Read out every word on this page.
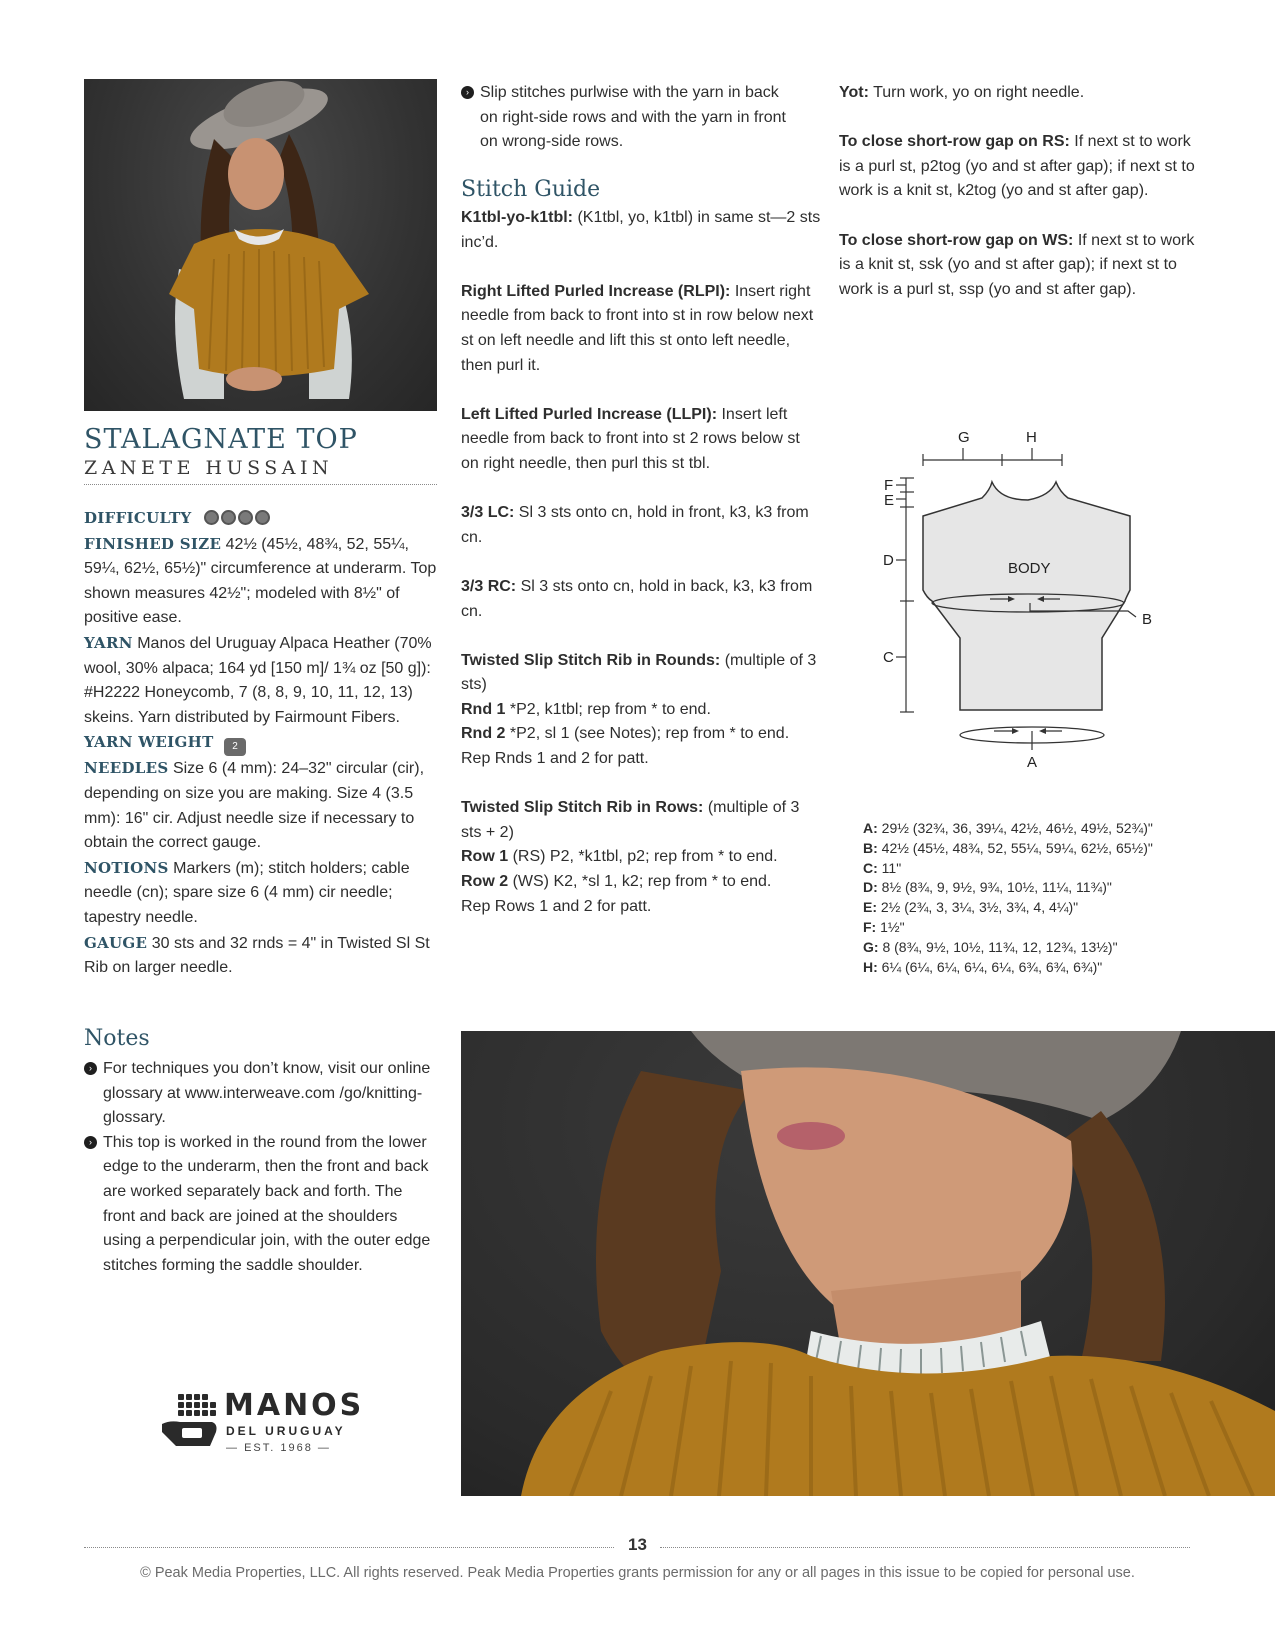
STALAGNATE TOP
ZANETE HUSSAIN

DIFFICULTY

FINISHED SIZE 42½ (45½, 48¾, 52, 55¼, 59¼, 62½, 65½)" circumference at underarm. Top shown measures 42½"; modeled with 8½" of positive ease.

YARN Manos del Uruguay Alpaca Heather (70% wool, 30% alpaca; 164 yd [150 m]/ 1¾ oz [50 g]): #H2222 Honeycomb, 7 (8, 8, 9, 10, 11, 12, 13) skeins. Yarn distributed by Fairmount Fibers.

YARN WEIGHT 2

NEEDLES Size 6 (4 mm): 24–32" circular (cir), depending on size you are making. Size 4 (3.5 mm): 16" cir. Adjust needle size if necessary to obtain the correct gauge.

NOTIONS Markers (m); stitch holders; cable needle (cn); spare size 6 (4 mm) cir needle; tapestry needle.

GAUGE 30 sts and 32 rnds = 4" in Twisted Sl St Rib on larger needle.

Notes
› For techniques you don’t know, visit our online glossary at www.interweave.com /go/knitting-glossary.
› This top is worked in the round from the lower edge to the underarm, then the front and back are worked separately back and forth. The front and back are joined at the shoulders using a perpendicular join, with the outer edge stitches forming the saddle shoulder.
MANOS
DEL URUGUAY
— EST. 1968 —
› Slip stitches purlwise with the yarn in back on right-side rows and with the yarn in front on wrong-side rows.
Stitch Guide

K1tbl-yo-k1tbl: (K1tbl, yo, k1tbl) in same st—2 sts inc’d.

Right Lifted Purled Increase (RLPI): Insert right needle from back to front into st in row below next st on left needle and lift this st onto left needle, then purl it.

Left Lifted Purled Increase (LLPI): Insert left needle from back to front into st 2 rows below st on right needle, then purl this st tbl.

3/3 LC: Sl 3 sts onto cn, hold in front, k3, k3 from cn.

3/3 RC: Sl 3 sts onto cn, hold in back, k3, k3 from cn.

Twisted Slip Stitch Rib in Rounds: (multiple of 3 sts)

Rnd 1 *P2, k1tbl; rep from * to end.

Rnd 2 *P2, sl 1 (see Notes); rep from * to end.

Rep Rnds 1 and 2 for patt.

Twisted Slip Stitch Rib in Rows: (multiple of 3 sts + 2)

Row 1 (RS) P2, *k1tbl, p2; rep from * to end.

Row 2 (WS) K2, *sl 1, k2; rep from * to end.

Rep Rows 1 and 2 for patt.

Yot: Turn work, yo on right needle.

To close short-row gap on RS: If next st to work is a purl st, p2tog (yo and st after gap); if next st to work is a knit st, k2tog (yo and st after gap).

To close short-row gap on WS: If next st to work is a knit st, ssk (yo and st after gap); if next st to work is a purl st, ssp (yo and st after gap).

G	H
F
E
D
C
B
A
BODY

A: 29½ (32¾, 36, 39¼, 42½, 46½, 49½, 52¾)"

B: 42½ (45½, 48¾, 52, 55¼, 59¼, 62½, 65½)"

C: 11"

D: 8½ (8¾, 9, 9½, 9¾, 10½, 11¼, 11¾)"

E: 2½ (2¾, 3, 3¼, 3½, 3¾, 4, 4¼)"

F: 1½"

G: 8 (8¾, 9½, 10½, 11¾, 12, 12¾, 13½)"

H: 6¼ (6¼, 6¼, 6¼, 6¼, 6¾, 6¾, 6¾)"

13
© Peak Media Properties, LLC. All rights reserved. Peak Media Properties grants permission for any or all pages in this issue to be copied for personal use.
